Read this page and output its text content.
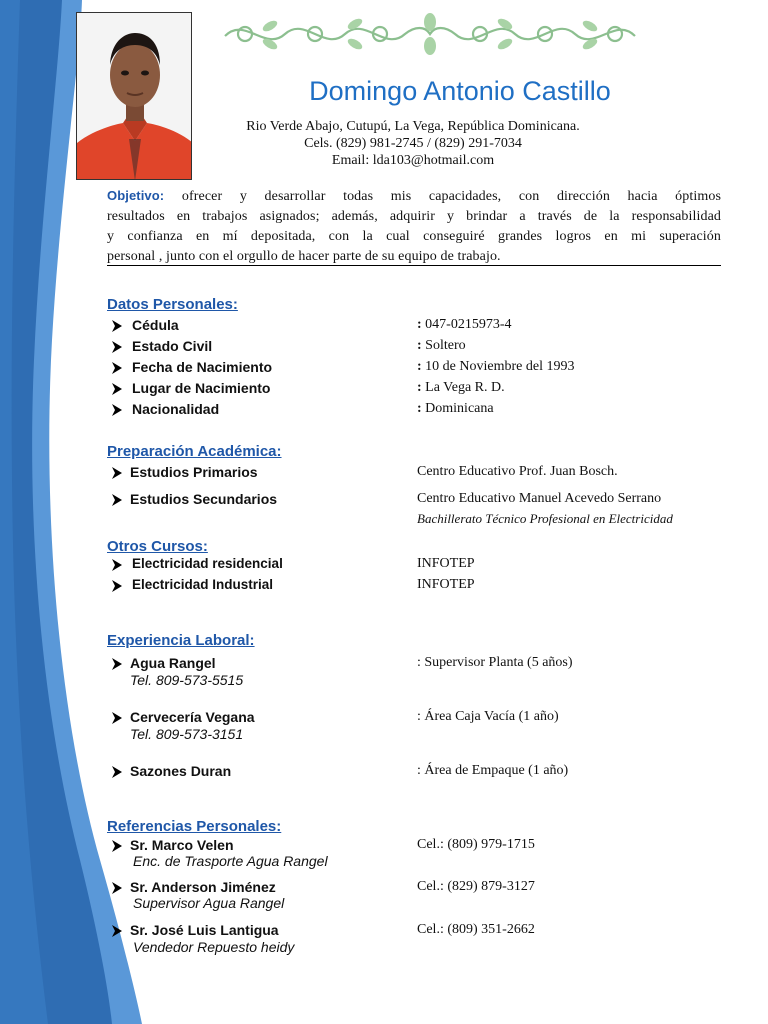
Domingo Antonio Castillo
Rio Verde Abajo, Cutupú, La Vega, República Dominicana.
Cels. (829) 981-2745 / (829) 291-7034
Email: lda103@hotmail.com
Objetivo: ofrecer y desarrollar todas mis capacidades, con dirección hacia óptimos
resultados en trabajos asignados; además, adquirir y brindar a través de la responsabilidad
y confianza en mí depositada, con la cual conseguiré grandes logros en mi superación
personal , junto con el orgullo de hacer parte de su equipo de trabajo.
Datos Personales:
Cédula	: 047-0215973-4
Estado Civil	: Soltero
Fecha de Nacimiento	: 10 de Noviembre del 1993
Lugar de Nacimiento	: La Vega R. D.
Nacionalidad	: Dominicana
Preparación Académica:
Estudios Primarios	Centro Educativo Prof. Juan Bosch.
Estudios Secundarios	Centro Educativo Manuel Acevedo Serrano
Bachillerato Técnico Profesional en Electricidad
Otros Cursos:
Electricidad residencial	INFOTEP
Electricidad Industrial	INFOTEP
Experiencia Laboral:
Agua Rangel	: Supervisor Planta (5 años)
Tel. 809-573-5515
Cervecería Vegana	: Área Caja Vacía (1 año)
Tel. 809-573-3151
Sazones Duran	: Área de Empaque (1 año)
Referencias Personales:
Sr. Marco Velen	Cel.: (809) 979-1715
Enc. de Trasporte Agua Rangel
Sr. Anderson Jiménez	Cel.: (829) 879-3127
Supervisor Agua Rangel
Sr. José Luis Lantigua	Cel.: (809) 351-2662
Vendedor Repuesto heidy
